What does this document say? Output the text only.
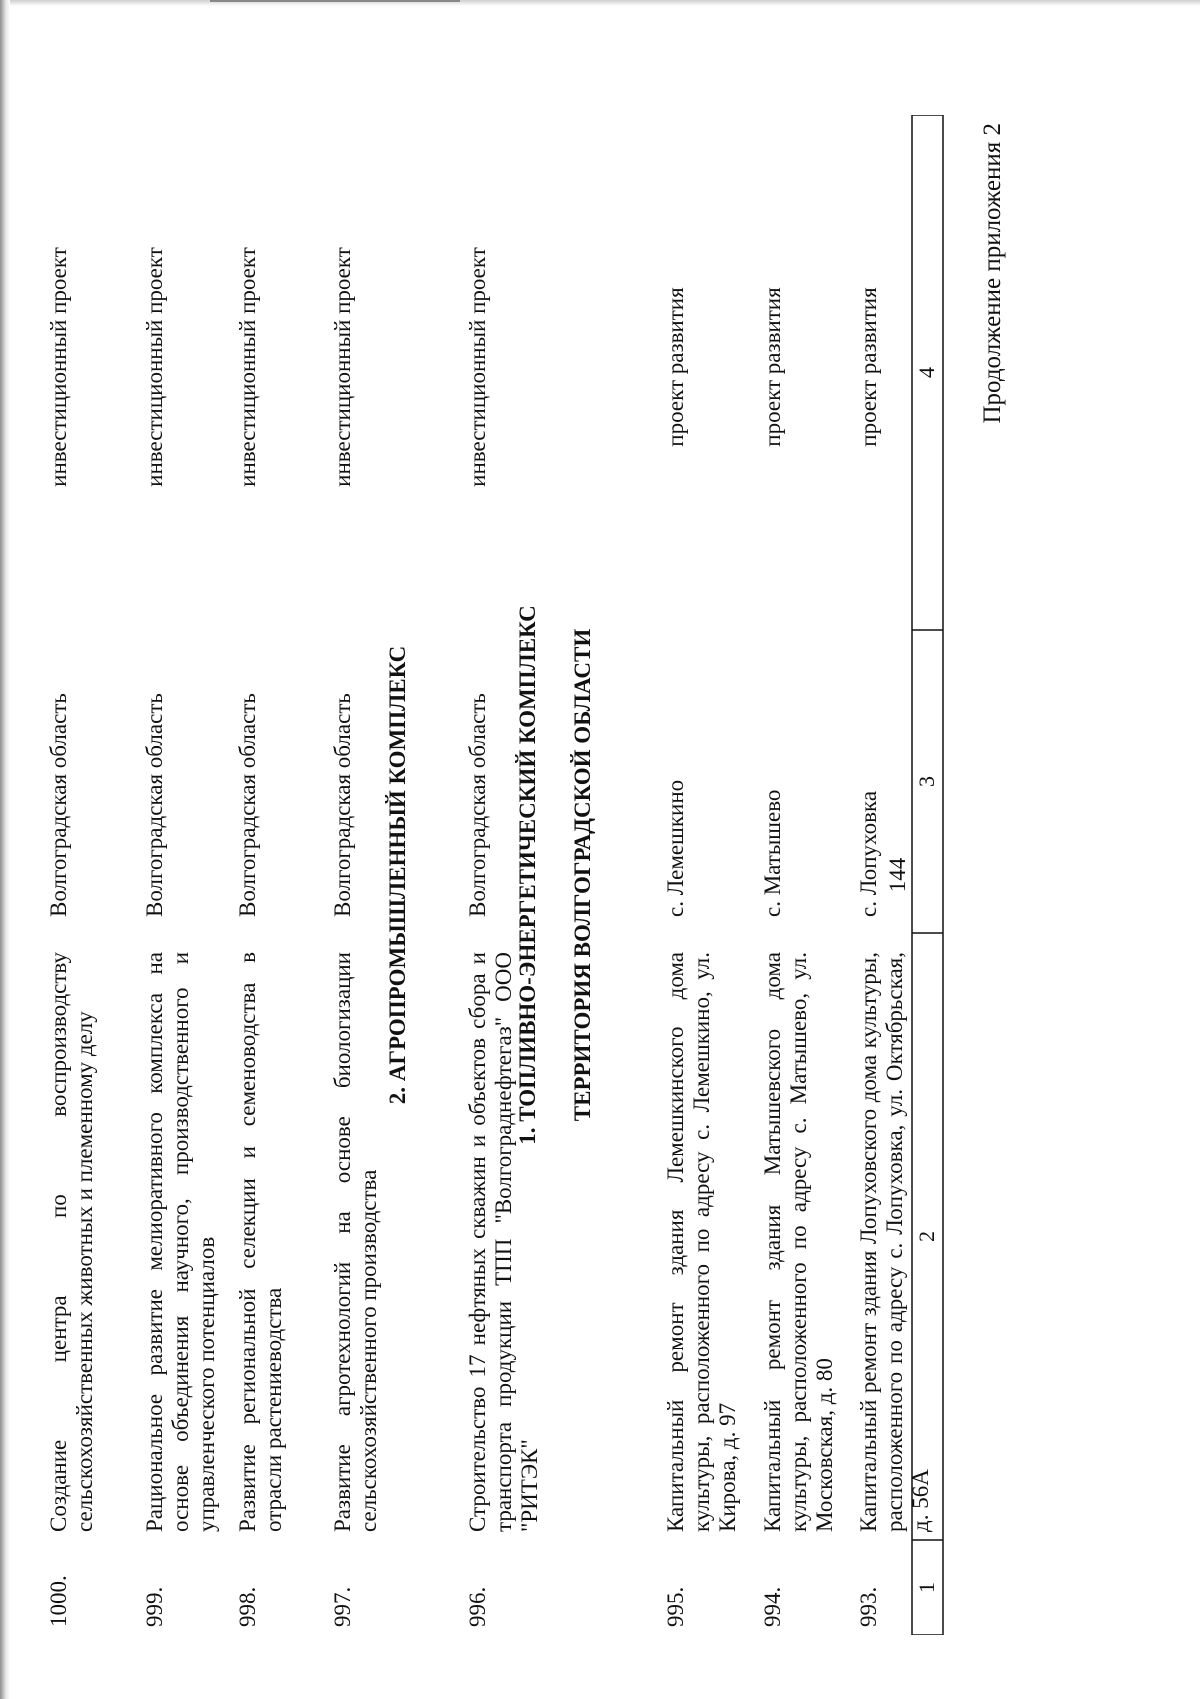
144
Продолжение приложения 2
1
2
3
4
993.
Капитальный ремонт здания Лопуховского дома культуры, расположенного по адресу с. Лопуховка, ул. Октябрьская, д. 56А
с. Лопуховка
проект развития
994.
Капитальный ремонт здания Матышевского дома культуры, расположенного по адресу с. Матышево, ул. Московская, д. 80
с. Матышево
проект развития
995.
Капитальный ремонт здания Лемешкинского дома культуры, расположенного по адресу с. Лемешкино, ул. Кирова, д. 97
с. Лемешкино
проект развития
ТЕРРИТОРИЯ ВОЛГОГРАДСКОЙ ОБЛАСТИ
1. ТОПЛИВНО-ЭНЕРГЕТИЧЕСКИЙ КОМПЛЕКС
996.
Строительство 17 нефтяных скважин и объектов сбора и транспорта продукции ТПП "Волгограднефтегаз" ООО "РИТЭК"
Волгоградская область
инвестиционный проект
2. АГРОПРОМЫШЛЕННЫЙ КОМПЛЕКС
997.
Развитие агротехнологий на основе биологизации сельскохозяйственного производства
Волгоградская область
инвестиционный проект
998.
Развитие региональной селекции и семеноводства в отрасли растениеводства
Волгоградская область
инвестиционный проект
999.
Рациональное развитие мелиоративного комплекса на основе объединения научного, производственного и управленческого потенциалов
Волгоградская область
инвестиционный проект
1000.
Создание центра по воспроизводству сельскохозяйственных животных и племенному делу
Волгоградская область
инвестиционный проект
